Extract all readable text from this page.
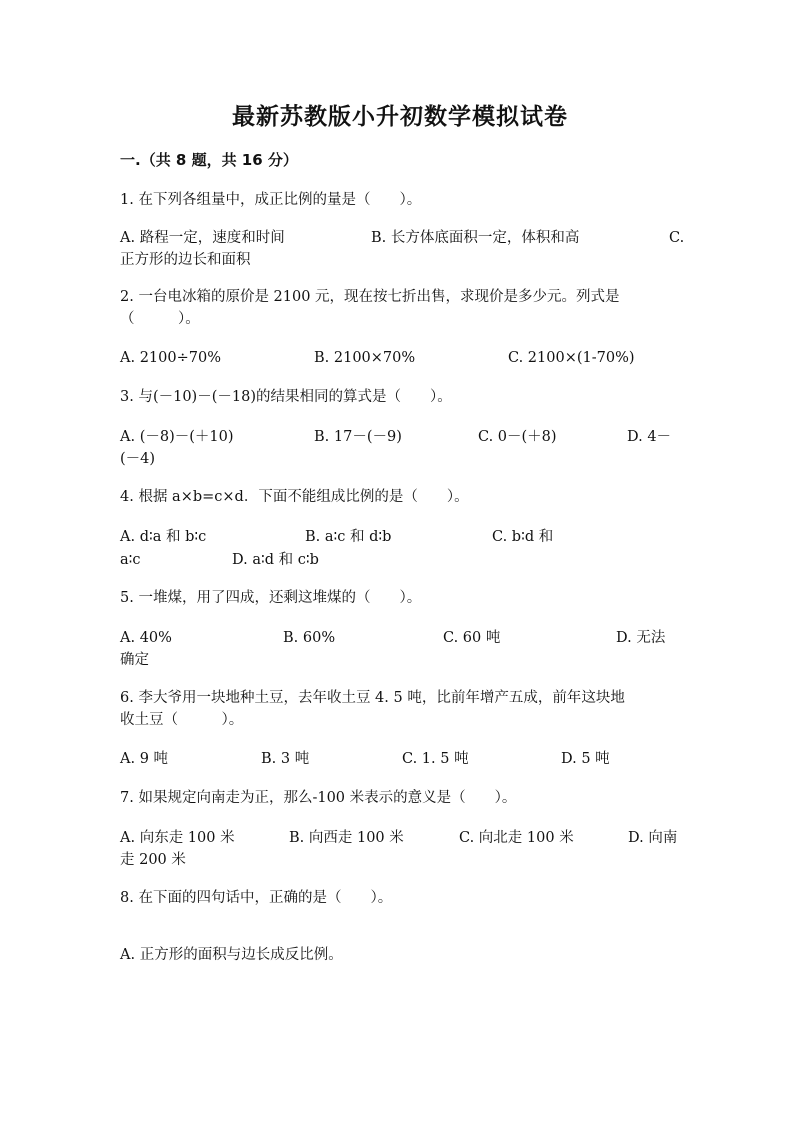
最新苏教版小升初数学模拟试卷
一.（共 8 题，共 16 分）
1. 在下列各组量中，成正比例的量是（　　）。
A. 路程一定，速度和时间	B. 长方体底面积一定，体积和高	C.
正方形的边长和面积
2. 一台电冰箱的原价是 2100 元，现在按七折出售，求现价是多少元。列式是
（　　　）。
A. 2100÷70%	B. 2100×70%	C. 2100×(1-70%)
3. 与(－10)－(－18)的结果相同的算式是（　　）。
A. (－8)－(＋10)	B. 17－(－9)	C. 0－(＋8)	D. 4－
(－4)
4. 根据 a×b=c×d．下面不能组成比例的是（　　）。
A. d∶a 和 b∶c	B. a∶c 和 d∶b	C. b∶d 和
a∶c	D. a∶d 和 c∶b
5. 一堆煤，用了四成，还剩这堆煤的（　　）。
A. 40%	B. 60%	C. 60 吨	D. 无法
确定
6. 李大爷用一块地种土豆，去年收土豆 4. 5 吨，比前年增产五成，前年这块地
收土豆（　　　）。
A. 9 吨	B. 3 吨	C. 1. 5 吨	D. 5 吨
7. 如果规定向南走为正，那么-100 米表示的意义是（　　）。
A. 向东走 100 米	B. 向西走 100 米	C. 向北走 100 米	D. 向南
走 200 米
8. 在下面的四句话中，正确的是（　　）。
A. 正方形的面积与边长成反比例。
